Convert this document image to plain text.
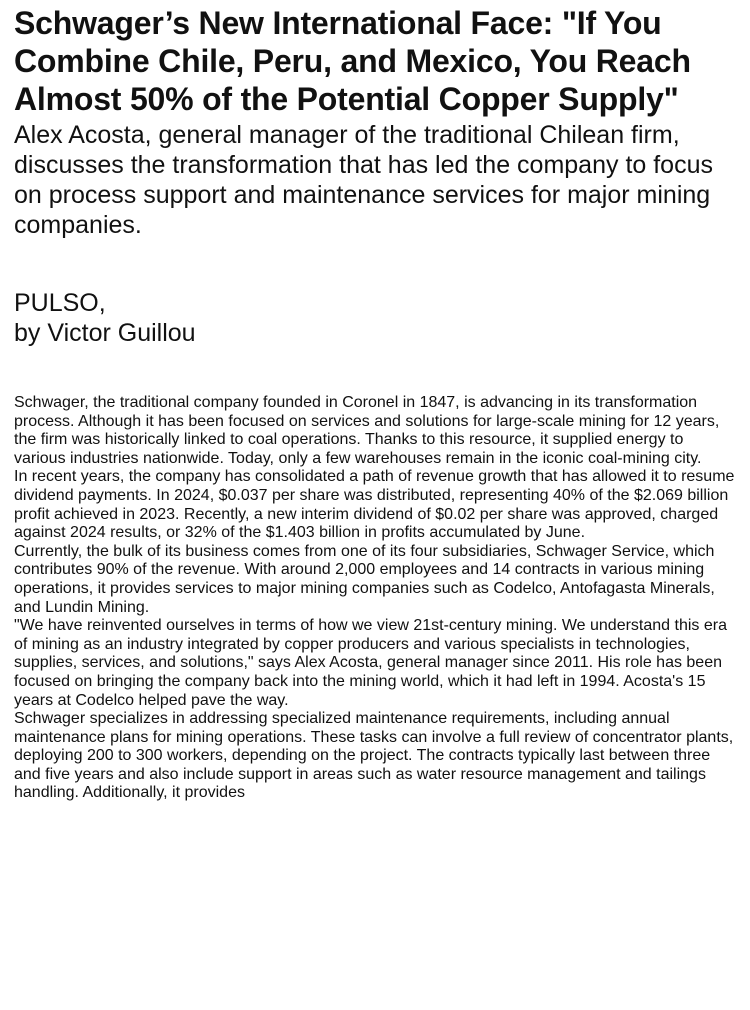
Schwager’s New International Face: "If You Combine Chile, Peru, and Mexico, You Reach Almost 50% of the Potential Copper Supply"
Alex Acosta, general manager of the traditional Chilean firm, discusses the transformation that has led the company to focus on process support and maintenance services for major mining companies.
PULSO,
by Victor Guillou

Schwager, the traditional company founded in Coronel in 1847, is advancing in its transformation process. Although it has been focused on services and solutions for large-scale mining for 12 years, the firm was historically linked to coal operations. Thanks to this resource, it supplied energy to various industries nationwide. Today, only a few warehouses remain in the iconic coal-mining city.

In recent years, the company has consolidated a path of revenue growth that has allowed it to resume dividend payments. In 2024, $0.037 per share was distributed, representing 40% of the $2.069 billion profit achieved in 2023. Recently, a new interim dividend of $0.02 per share was approved, charged against 2024 results, or 32% of the $1.403 billion in profits accumulated by June.

Currently, the bulk of its business comes from one of its four subsidiaries, Schwager Service, which contributes 90% of the revenue. With around 2,000 employees and 14 contracts in various mining operations, it provides services to major mining companies such as Codelco, Antofagasta Minerals, and Lundin Mining.

"We have reinvented ourselves in terms of how we view 21st-century mining. We understand this era of mining as an industry integrated by copper producers and various specialists in technologies, supplies, services, and solutions," says Alex Acosta, general manager since 2011. His role has been focused on bringing the company back into the mining world, which it had left in 1994. Acosta's 15 years at Codelco helped pave the way.

Schwager specializes in addressing specialized maintenance requirements, including annual maintenance plans for mining operations. These tasks can involve a full review of concentrator plants, deploying 200 to 300 workers, depending on the project. The contracts typically last between three and five years and also include support in areas such as water resource management and tailings handling. Additionally, it provides
